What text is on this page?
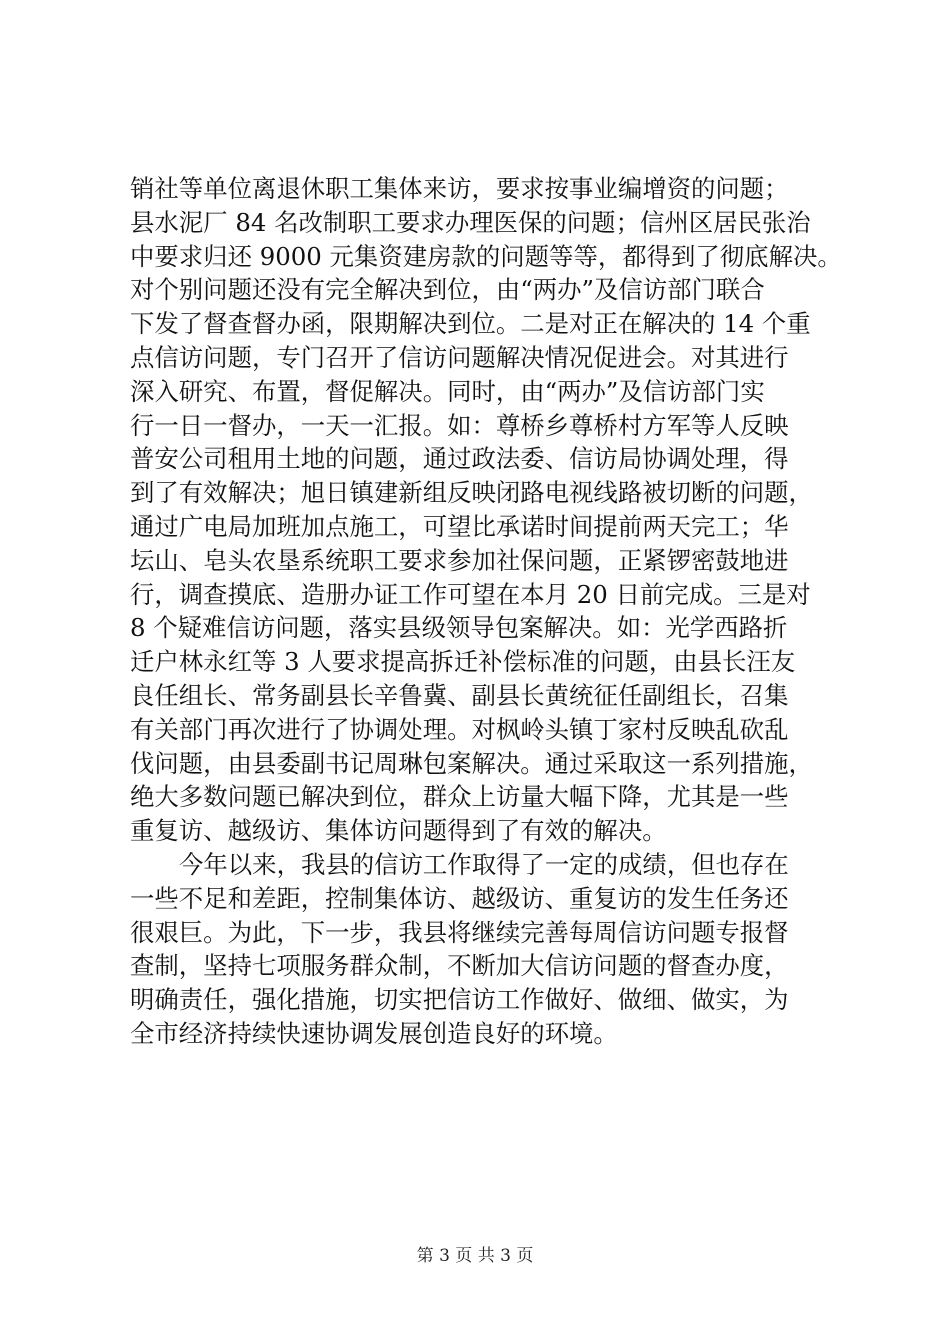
销社等单位离退休职工集体来访，要求按事业编增资的问题；
县水泥厂 84 名改制职工要求办理医保的问题；信州区居民张治
中要求归还 9000 元集资建房款的问题等等，都得到了彻底解决。
对个别问题还没有完全解决到位，由“两办”及信访部门联合
下发了督查督办函，限期解决到位。二是对正在解决的 14 个重
点信访问题，专门召开了信访问题解决情况促进会。对其进行
深入研究、布置，督促解决。同时，由“两办”及信访部门实
行一日一督办，一天一汇报。如：尊桥乡尊桥村方军等人反映
普安公司租用土地的问题，通过政法委、信访局协调处理，得
到了有效解决；旭日镇建新组反映闭路电视线路被切断的问题，
通过广电局加班加点施工，可望比承诺时间提前两天完工；华
坛山、皂头农垦系统职工要求参加社保问题，正紧锣密鼓地进
行，调查摸底、造册办证工作可望在本月 20 日前完成。三是对
8 个疑难信访问题，落实县级领导包案解决。如：光学西路折
迁户林永红等 3 人要求提高拆迁补偿标准的问题，由县长汪友
良任组长、常务副县长辛鲁冀、副县长黄统征任副组长，召集
有关部门再次进行了协调处理。对枫岭头镇丁家村反映乱砍乱
伐问题，由县委副书记周琳包案解决。通过采取这一系列措施，
绝大多数问题已解决到位，群众上访量大幅下降，尤其是一些
重复访、越级访、集体访问题得到了有效的解决。
今年以来，我县的信访工作取得了一定的成绩，但也存在
一些不足和差距，控制集体访、越级访、重复访的发生任务还
很艰巨。为此，下一步，我县将继续完善每周信访问题专报督
查制，坚持七项服务群众制，不断加大信访问题的督查办度，
明确责任，强化措施，切实把信访工作做好、做细、做实，为
全市经济持续快速协调发展创造良好的环境。
第 3 页 共 3 页
